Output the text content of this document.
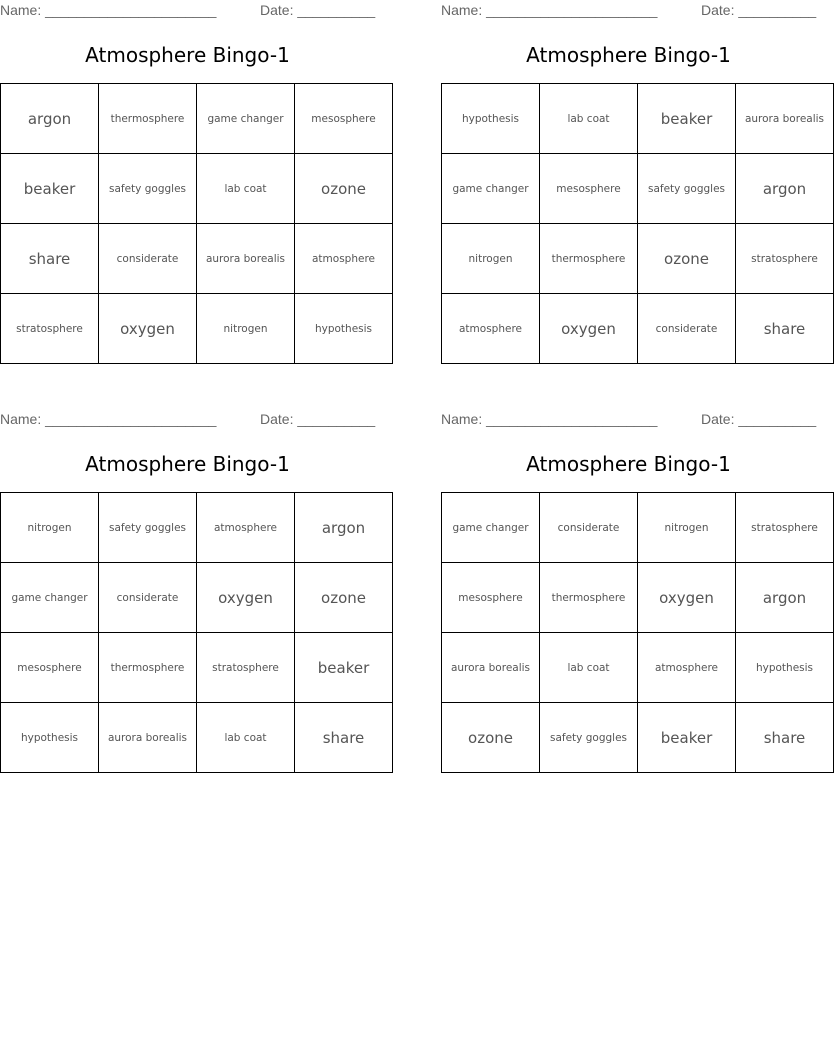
Name: ______________________	Date: __________
Atmosphere Bingo-1
argon	thermosphere	game changer	mesosphere
beaker	safety goggles	lab coat	ozone
share	considerate	aurora borealis	atmosphere
stratosphere	oxygen	nitrogen	hypothesis
Name: ______________________	Date: __________
Atmosphere Bingo-1
hypothesis	lab coat	beaker	aurora borealis
game changer	mesosphere	safety goggles	argon
nitrogen	thermosphere	ozone	stratosphere
atmosphere	oxygen	considerate	share
Name: ______________________	Date: __________
Atmosphere Bingo-1
nitrogen	safety goggles	atmosphere	argon
game changer	considerate	oxygen	ozone
mesosphere	thermosphere	stratosphere	beaker
hypothesis	aurora borealis	lab coat	share
Name: ______________________	Date: __________
Atmosphere Bingo-1
game changer	considerate	nitrogen	stratosphere
mesosphere	thermosphere	oxygen	argon
aurora borealis	lab coat	atmosphere	hypothesis
ozone	safety goggles	beaker	share
